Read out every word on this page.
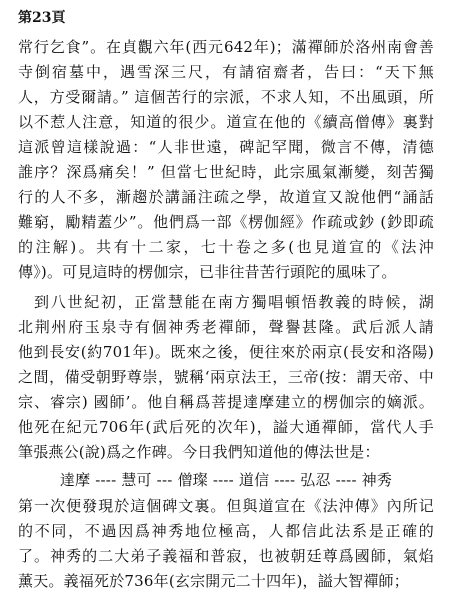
第23頁
常行乞食”。在貞觀六年(西元642年)；滿禪師於洛州南會善
寺倒宿墓中，遇雪深三尺，有請宿齋者，告曰：“天下無
人，方受爾請。” 這個苦行的宗派，不求人知，不出風頭，所
以不惹人注意，知道的很少。道宣在他的《續高僧傳》裏對
這派曾這樣說過：“人非世遠，碑記罕聞，微言不傳，清德
誰序？深爲痛矣！” 但當七世紀時，此宗風氣漸變，刻苦獨
行的人不多，漸趨於講誦注疏之學，故道宣又說他們“誦話
難窮，勵精蓋少”。他們爲一部《楞伽經》作疏或鈔 (鈔即疏
的注解)。共有十二家，七十卷之多(也見道宣的《法沖
傳》)。可見這時的楞伽宗，已非往昔苦行頭陀的風味了。
到八世紀初，正當慧能在南方獨唱頓悟教義的時候，湖
北荆州府玉泉寺有個神秀老禪師，聲譽甚隆。武后派人請
他到長安(約701年)。既來之後，便往來於兩京(長安和洛陽)
之間，備受朝野尊崇，號稱‘兩京法王，三帝(按：謂天帝、中
宗、睿宗) 國師’。他自稱爲菩提達摩建立的楞伽宗的嫡派。
他死在紀元706年(武后死的次年)，謚大通禪師，當代人手
筆張燕公(說)爲之作碑。今日我們知道他的傳法世是：
達摩 ---- 慧可 --- 僧璨 ---- 道信 ---- 弘忍 ---- 神秀
第一次便發現於這個碑文裏。但與道宣在《法沖傳》內所记
的不同，不過因爲神秀地位極高，人都信此法系是正確的
了。神秀的二大弟子義福和普寂，也被朝廷尊爲國師，氣焰
薰天。義福死於736年(玄宗開元二十四年)，謚大智禪師；
